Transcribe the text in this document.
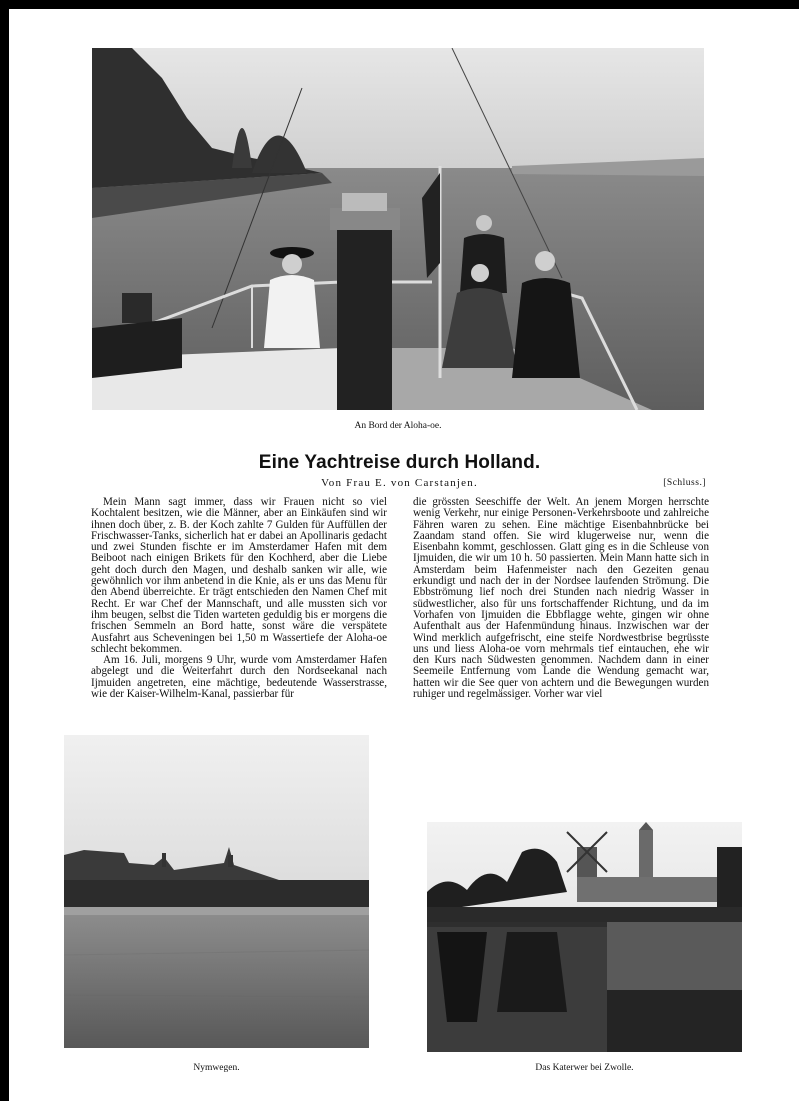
An Bord der Aloha-oe.
Eine Yachtreise durch Holland.
Von Frau E. von Carstanjen.	[Schluss.]

Mein Mann sagt immer, dass wir Frauen nicht so viel Kochtalent besitzen, wie die Männer, aber an Einkäufen sind wir ihnen doch über, z. B. der Koch zahlte 7 Gulden für Auffüllen der Frischwasser-Tanks, sicherlich hat er dabei an Apollinaris gedacht und zwei Stunden fischte er im Amsterdamer Hafen mit dem Beiboot nach einigen Brikets für den Kochherd, aber die Liebe geht doch durch den Magen, und deshalb sanken wir alle, wie gewöhnlich vor ihm anbetend in die Knie, als er uns das Menu für den Abend überreichte. Er trägt entschieden den Namen Chef mit Recht. Er war Chef der Mannschaft, und alle mussten sich vor ihm beugen, selbst die Tiden warteten geduldig bis er morgens die frischen Semmeln an Bord hatte, sonst wäre die verspätete Ausfahrt aus Scheveningen bei 1,50 m Wassertiefe der Aloha-oe schlecht bekommen.

Am 16. Juli, morgens 9 Uhr, wurde vom Amsterdamer Hafen abgelegt und die Weiterfahrt durch den Nordseekanal nach Ijmuiden angetreten, eine mächtige, bedeutende Wasserstrasse, wie der Kaiser-Wilhelm-Kanal, passierbar für

die grössten Seeschiffe der Welt. An jenem Morgen herrschte wenig Verkehr, nur einige Personen-Verkehrsboote und zahlreiche Fähren waren zu sehen. Eine mächtige Eisenbahnbrücke bei Zaandam stand offen. Sie wird klugerweise nur, wenn die Eisenbahn kommt, geschlossen. Glatt ging es in die Schleuse von Ijmuiden, die wir um 10 h. 50 passierten. Mein Mann hatte sich in Amsterdam beim Hafenmeister nach den Gezeiten genau erkundigt und nach der in der Nordsee laufenden Strömung. Die Ebbströmung lief noch drei Stunden nach niedrig Wasser in südwestlicher, also für uns fortschaffender Richtung, und da im Vorhafen von Ijmuiden die Ebbflagge wehte, gingen wir ohne Aufenthalt aus der Hafenmündung hinaus. Inzwischen war der Wind merklich aufgefrischt, eine steife Nordwestbrise begrüsste uns und liess Aloha-oe vorn mehrmals tief eintauchen, ehe wir den Kurs nach Südwesten genommen. Nachdem dann in einer Seemeile Entfernung vom Lande die Wendung gemacht war, hatten wir die See quer von achtern und die Bewegungen wurden ruhiger und regelmässiger. Vorher war viel

Nymwegen.	Das Katerwer bei Zwolle.
